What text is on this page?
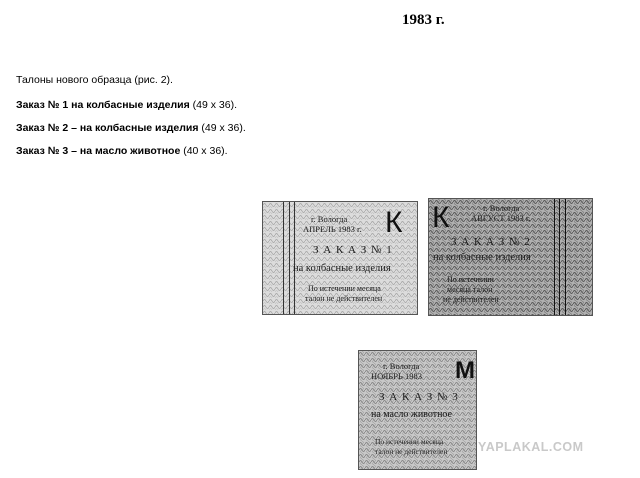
1983 г.
Талоны нового образца (рис. 2).
Заказ № 1 на колбасные изделия (49 х 36).
Заказ № 2 – на колбасные изделия (49 х 36).
Заказ № 3 – на масло животное (40 х 36).
г. Вологда
АПРЕЛЬ 1983 г. К
З А К А З № 1
на колбасные изделия
По истечении месяца
талон не действителен
К	г. Вологда
АВГУСТ 1983 г.
З А К А З № 2
на колбасные изделия
По истечении
месяца талон
не действителен
г. Вологда
НОЯБРЬ 1983 М
З А К А З № 3
на масло животное
По истечении месяца
талон не действителен YAPLAKAL.COM
